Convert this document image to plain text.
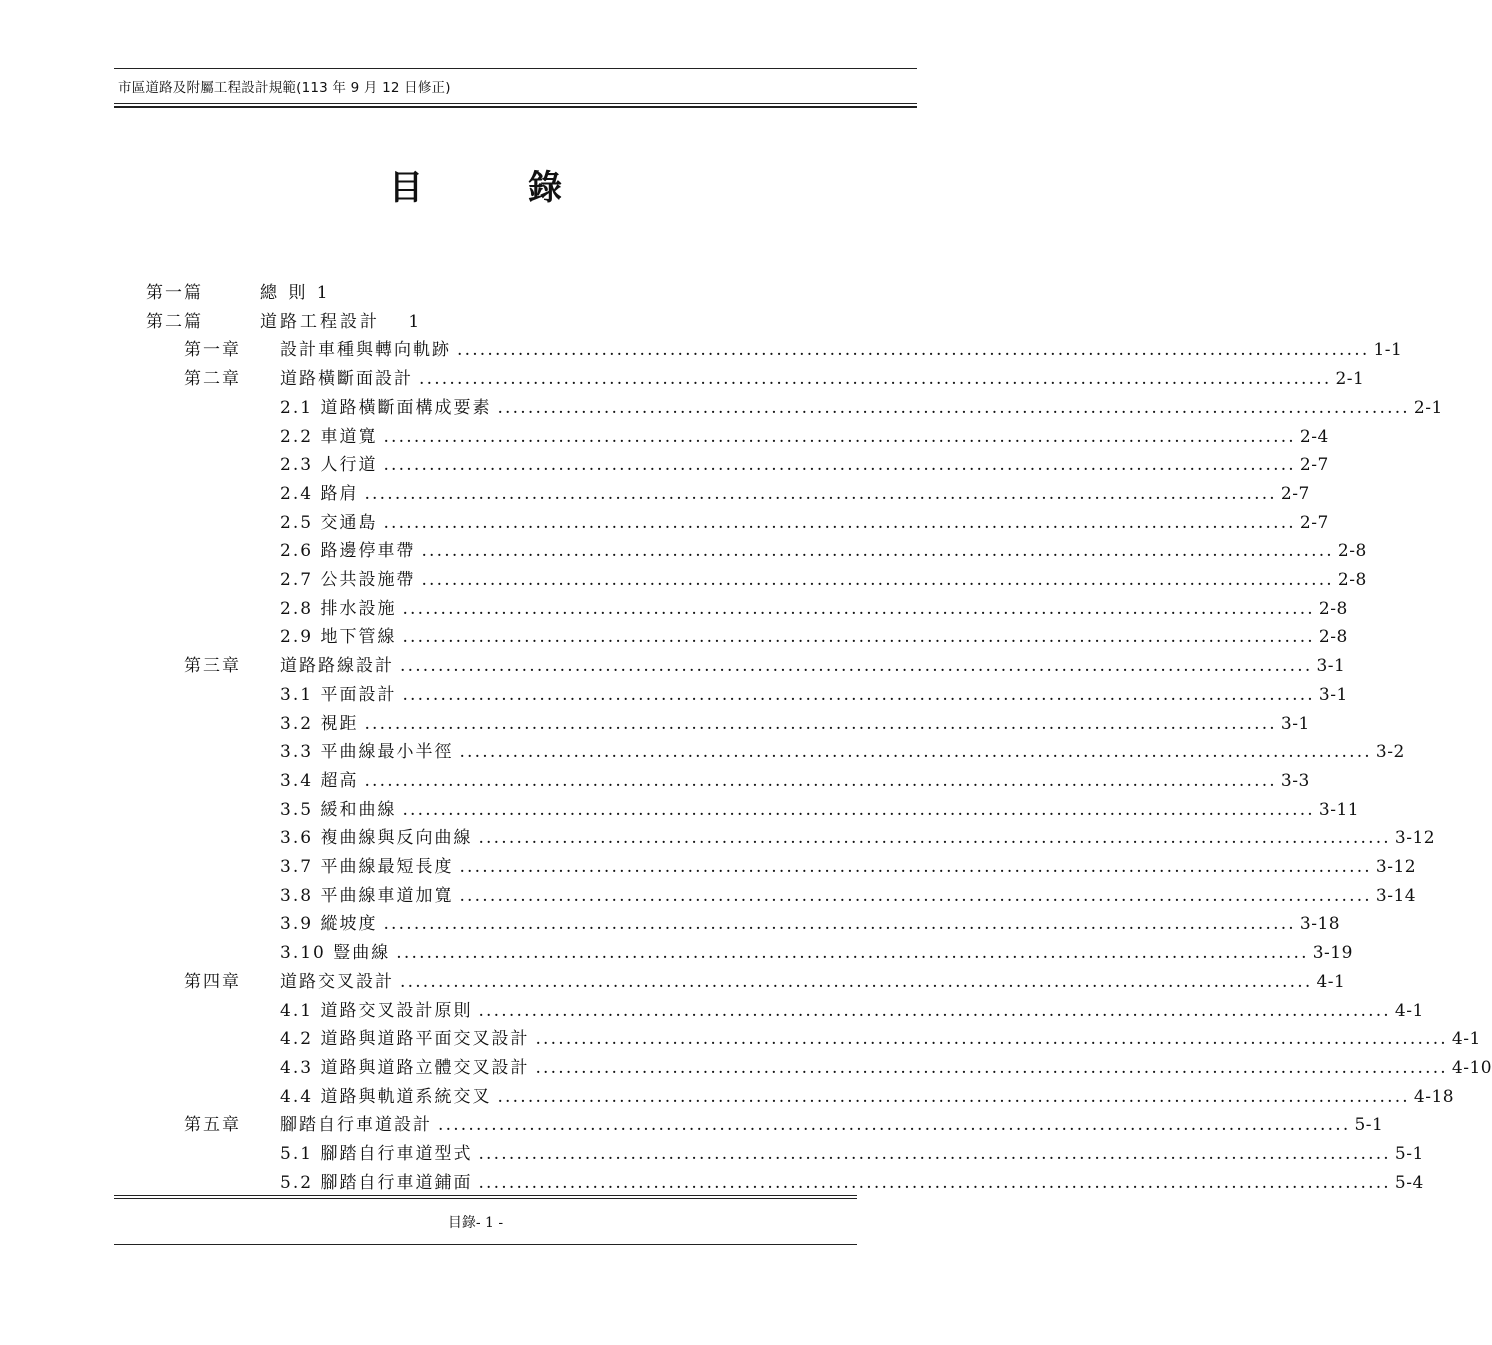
市區道路及附屬工程設計規範(113 年 9 月 12 日修正)
目	錄
第一篇	總 則 1
第二篇	道路工程設計　 1
第一章 設計車種與轉向軌跡 ........................................................................................................................ 1-1
第二章 道路橫斷面設計 ........................................................................................................................ 2-1
2.1 道路橫斷面構成要素 ........................................................................................................................ 2-1
2.2 車道寬 ........................................................................................................................ 2-4
2.3 人行道 ........................................................................................................................ 2-7
2.4 路肩 ........................................................................................................................ 2-7
2.5 交通島 ........................................................................................................................ 2-7
2.6 路邊停車帶 ........................................................................................................................ 2-8
2.7 公共設施帶 ........................................................................................................................ 2-8
2.8 排水設施 ........................................................................................................................ 2-8
2.9 地下管線 ........................................................................................................................ 2-8
第三章 道路路線設計 ........................................................................................................................ 3-1
3.1 平面設計 ........................................................................................................................ 3-1
3.2 視距 ........................................................................................................................ 3-1
3.3 平曲線最小半徑 ........................................................................................................................ 3-2
3.4 超高 ........................................................................................................................ 3-3
3.5 緩和曲線 ........................................................................................................................ 3-11
3.6 複曲線與反向曲線 ........................................................................................................................ 3-12
3.7 平曲線最短長度 ........................................................................................................................ 3-12
3.8 平曲線車道加寬 ........................................................................................................................ 3-14
3.9 縱坡度 ........................................................................................................................ 3-18
3.10 豎曲線 ........................................................................................................................ 3-19
第四章 道路交叉設計 ........................................................................................................................ 4-1
4.1 道路交叉設計原則 ........................................................................................................................ 4-1
4.2 道路與道路平面交叉設計 ........................................................................................................................ 4-1
4.3 道路與道路立體交叉設計 ........................................................................................................................ 4-10
4.4 道路與軌道系統交叉 ........................................................................................................................ 4-18
第五章 腳踏自行車道設計 ........................................................................................................................ 5-1
5.1 腳踏自行車道型式 ........................................................................................................................ 5-1
5.2 腳踏自行車道鋪面 ........................................................................................................................ 5-4
目錄- 1 -
